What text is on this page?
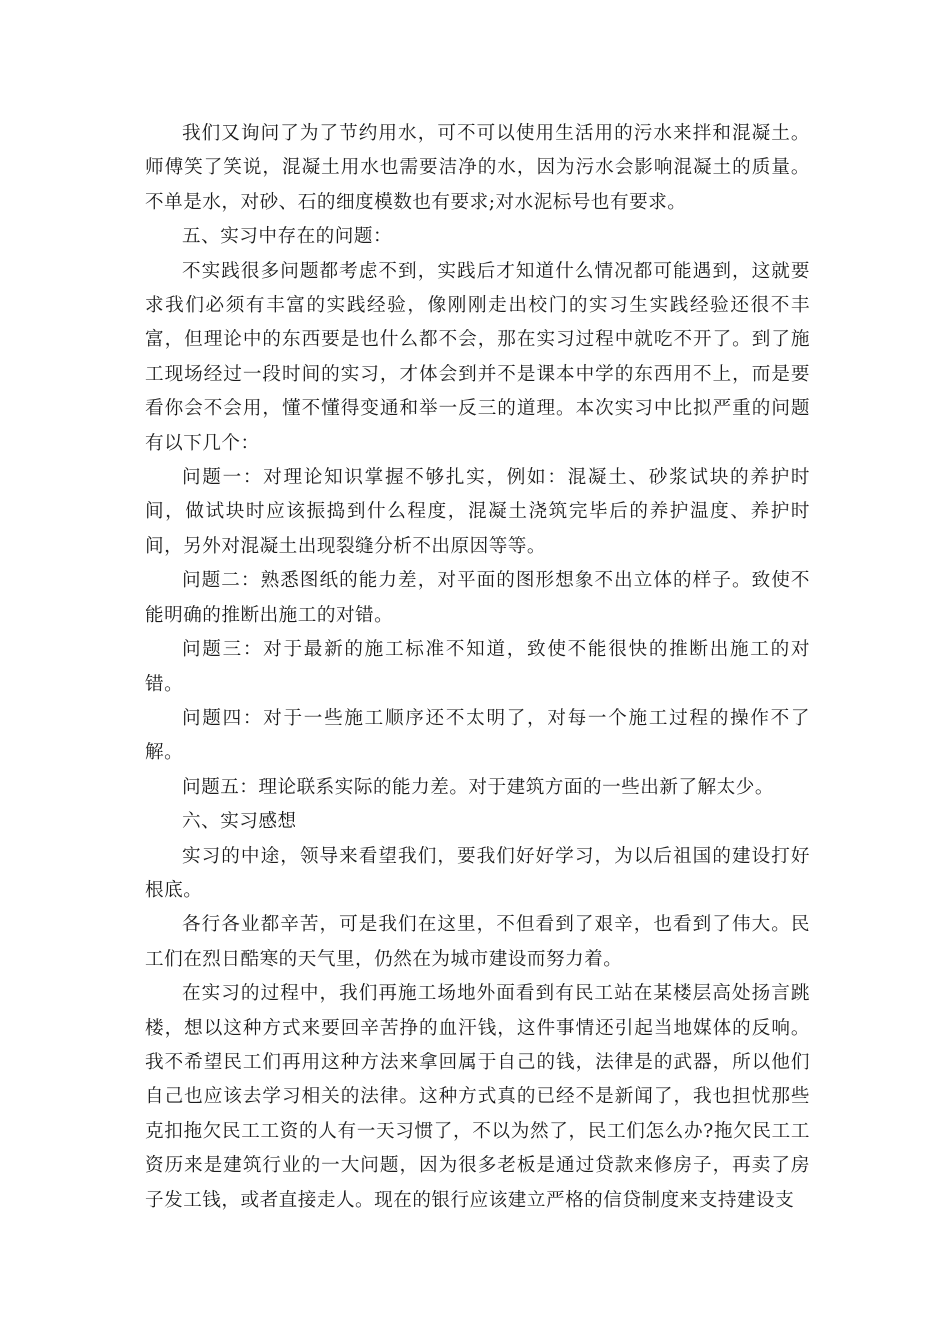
我们又询问了为了节约用水，可不可以使用生活用的污水来拌和混凝土。师傅笑了笑说，混凝土用水也需要洁净的水，因为污水会影响混凝土的质量。不单是水，对砂、石的细度模数也有要求;对水泥标号也有要求。

五、实习中存在的问题：

不实践很多问题都考虑不到，实践后才知道什么情况都可能遇到，这就要求我们必须有丰富的实践经验，像刚刚走出校门的实习生实践经验还很不丰富，但理论中的东西要是也什么都不会，那在实习过程中就吃不开了。到了施工现场经过一段时间的实习，才体会到并不是课本中学的东西用不上，而是要看你会不会用，懂不懂得变通和举一反三的道理。本次实习中比拟严重的问题有以下几个：

问题一：对理论知识掌握不够扎实，例如：混凝土、砂浆试块的养护时间，做试块时应该振捣到什么程度，混凝土浇筑完毕后的养护温度、养护时间，另外对混凝土出现裂缝分析不出原因等等。

问题二：熟悉图纸的能力差，对平面的图形想象不出立体的样子。致使不能明确的推断出施工的对错。

问题三：对于最新的施工标准不知道，致使不能很快的推断出施工的对错。

问题四：对于一些施工顺序还不太明了，对每一个施工过程的操作不了解。

问题五：理论联系实际的能力差。对于建筑方面的一些出新了解太少。

六、实习感想

实习的中途，领导来看望我们，要我们好好学习，为以后祖国的建设打好根底。

各行各业都辛苦，可是我们在这里，不但看到了艰辛，也看到了伟大。民工们在烈日酷寒的天气里，仍然在为城市建设而努力着。

在实习的过程中，我们再施工场地外面看到有民工站在某楼层高处扬言跳楼，想以这种方式来要回辛苦挣的血汗钱，这件事情还引起当地媒体的反响。我不希望民工们再用这种方法来拿回属于自己的钱，法律是的武器，所以他们自己也应该去学习相关的法律。这种方式真的已经不是新闻了，我也担忧那些克扣拖欠民工工资的人有一天习惯了，不以为然了，民工们怎么办?拖欠民工工资历来是建筑行业的一大问题，因为很多老板是通过贷款来修房子，再卖了房子发工钱，或者直接走人。现在的银行应该建立严格的信贷制度来支持建设支
